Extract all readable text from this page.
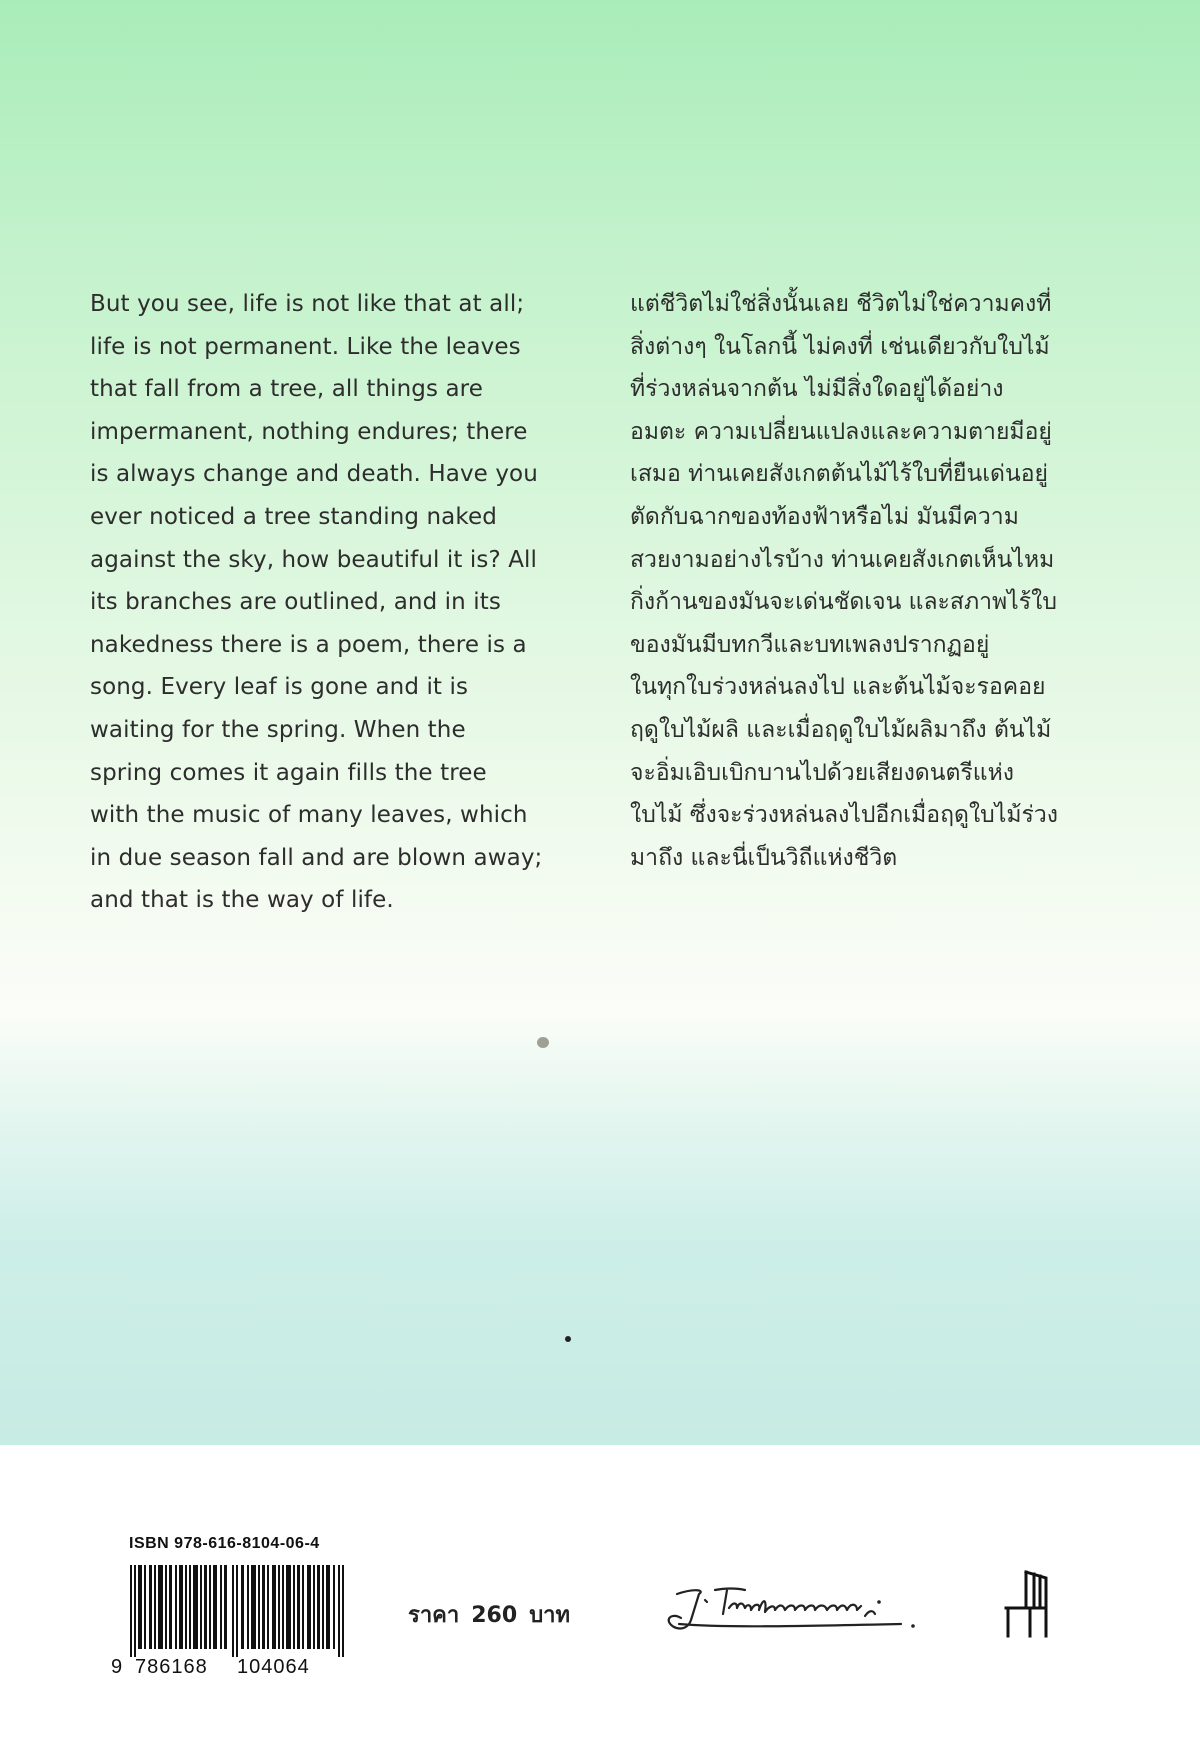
But you see, life is not like that at all;
life is not permanent. Like the leaves
that fall from a tree, all things are
impermanent, nothing endures; there
is always change and death. Have you
ever noticed a tree standing naked
against the sky, how beautiful it is? All
its branches are outlined, and in its
nakedness there is a poem, there is a
song. Every leaf is gone and it is
waiting for the spring. When the
spring comes it again fills the tree
with the music of many leaves, which
in due season fall and are blown away;
and that is the way of life.
แต่ชีวิตไม่ใช่สิ่งนั้นเลย ชีวิตไม่ใช่ความคงที่
สิ่งต่างๆ ในโลกนี้ ไม่คงที่ เช่นเดียวกับใบไม้
ที่ร่วงหล่นจากต้น ไม่มีสิ่งใดอยู่ได้อย่าง
อมตะ ความเปลี่ยนแปลงและความตายมีอยู่
เสมอ ท่านเคยสังเกตต้นไม้ไร้ใบที่ยืนเด่นอยู่
ตัดกับฉากของท้องฟ้าหรือไม่ มันมีความ
สวยงามอย่างไรบ้าง ท่านเคยสังเกตเห็นไหม
กิ่งก้านของมันจะเด่นชัดเจน และสภาพไร้ใบ
ของมันมีบทกวีและบทเพลงปรากฏอยู่
ในทุกใบร่วงหล่นลงไป และต้นไม้จะรอคอย
ฤดูใบไม้ผลิ และเมื่อฤดูใบไม้ผลิมาถึง ต้นไม้
จะอิ่มเอิบเบิกบานไปด้วยเสียงดนตรีแห่ง
ใบไม้ ซึ่งจะร่วงหล่นลงไปอีกเมื่อฤดูใบไม้ร่วง
มาถึง และนี่เป็นวิถีแห่งชีวิต
ISBN 978-616-8104-06-4
9 786168 104064
ราคา 260 บาท
